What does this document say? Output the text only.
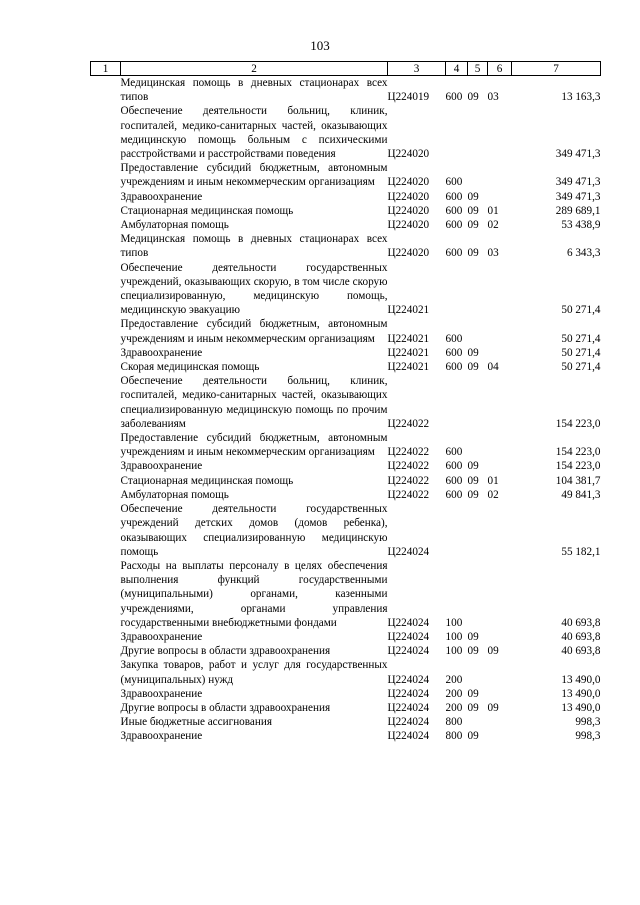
103
1	2	3	4	5	6	7
	Медицинская помощь в дневных стационарах всех типов	Ц224019	600	09	03	13 163,3
	Обеспечение деятельности больниц, клиник, госпиталей, медико-санитарных частей, оказывающих медицинскую помощь больным с психическими расстройствами и расстройствами поведения	Ц224020				349 471,3
	Предоставление субсидий бюджетным, автономным учреждениям и иным некоммерческим организациям	Ц224020	600			349 471,3
	Здравоохранение	Ц224020	600	09		349 471,3
	Стационарная медицинская помощь	Ц224020	600	09	01	289 689,1
	Амбулаторная помощь	Ц224020	600	09	02	53 438,9
	Медицинская помощь в дневных стационарах всех типов	Ц224020	600	09	03	6 343,3
	Обеспечение деятельности государственных учреждений, оказывающих скорую, в том числе скорую специализированную, медицинскую помощь, медицинскую эвакуацию	Ц224021				50 271,4
	Предоставление субсидий бюджетным, автономным учреждениям и иным некоммерческим организациям	Ц224021	600			50 271,4
	Здравоохранение	Ц224021	600	09		50 271,4
	Скорая медицинская помощь	Ц224021	600	09	04	50 271,4
	Обеспечение деятельности больниц, клиник, госпиталей, медико-санитарных частей, оказывающих специализированную медицинскую помощь по прочим заболеваниям	Ц224022				154 223,0
	Предоставление субсидий бюджетным, автономным учреждениям и иным некоммерческим организациям	Ц224022	600			154 223,0
	Здравоохранение	Ц224022	600	09		154 223,0
	Стационарная медицинская помощь	Ц224022	600	09	01	104 381,7
	Амбулаторная помощь	Ц224022	600	09	02	49 841,3
	Обеспечение деятельности государственных учреждений детских домов (домов ребенка), оказывающих специализированную медицинскую помощь	Ц224024				55 182,1
	Расходы на выплаты персоналу в целях обеспечения выполнения функций государственными (муниципальными) органами, казенными учреждениями, органами управления государственными внебюджетными фондами	Ц224024	100			40 693,8
	Здравоохранение	Ц224024	100	09		40 693,8
	Другие вопросы в области здравоохранения	Ц224024	100	09	09	40 693,8
	Закупка товаров, работ и услуг для государственных (муниципальных) нужд	Ц224024	200			13 490,0
	Здравоохранение	Ц224024	200	09		13 490,0
	Другие вопросы в области здравоохранения	Ц224024	200	09	09	13 490,0
	Иные бюджетные ассигнования	Ц224024	800			998,3
	Здравоохранение	Ц224024	800	09		998,3
